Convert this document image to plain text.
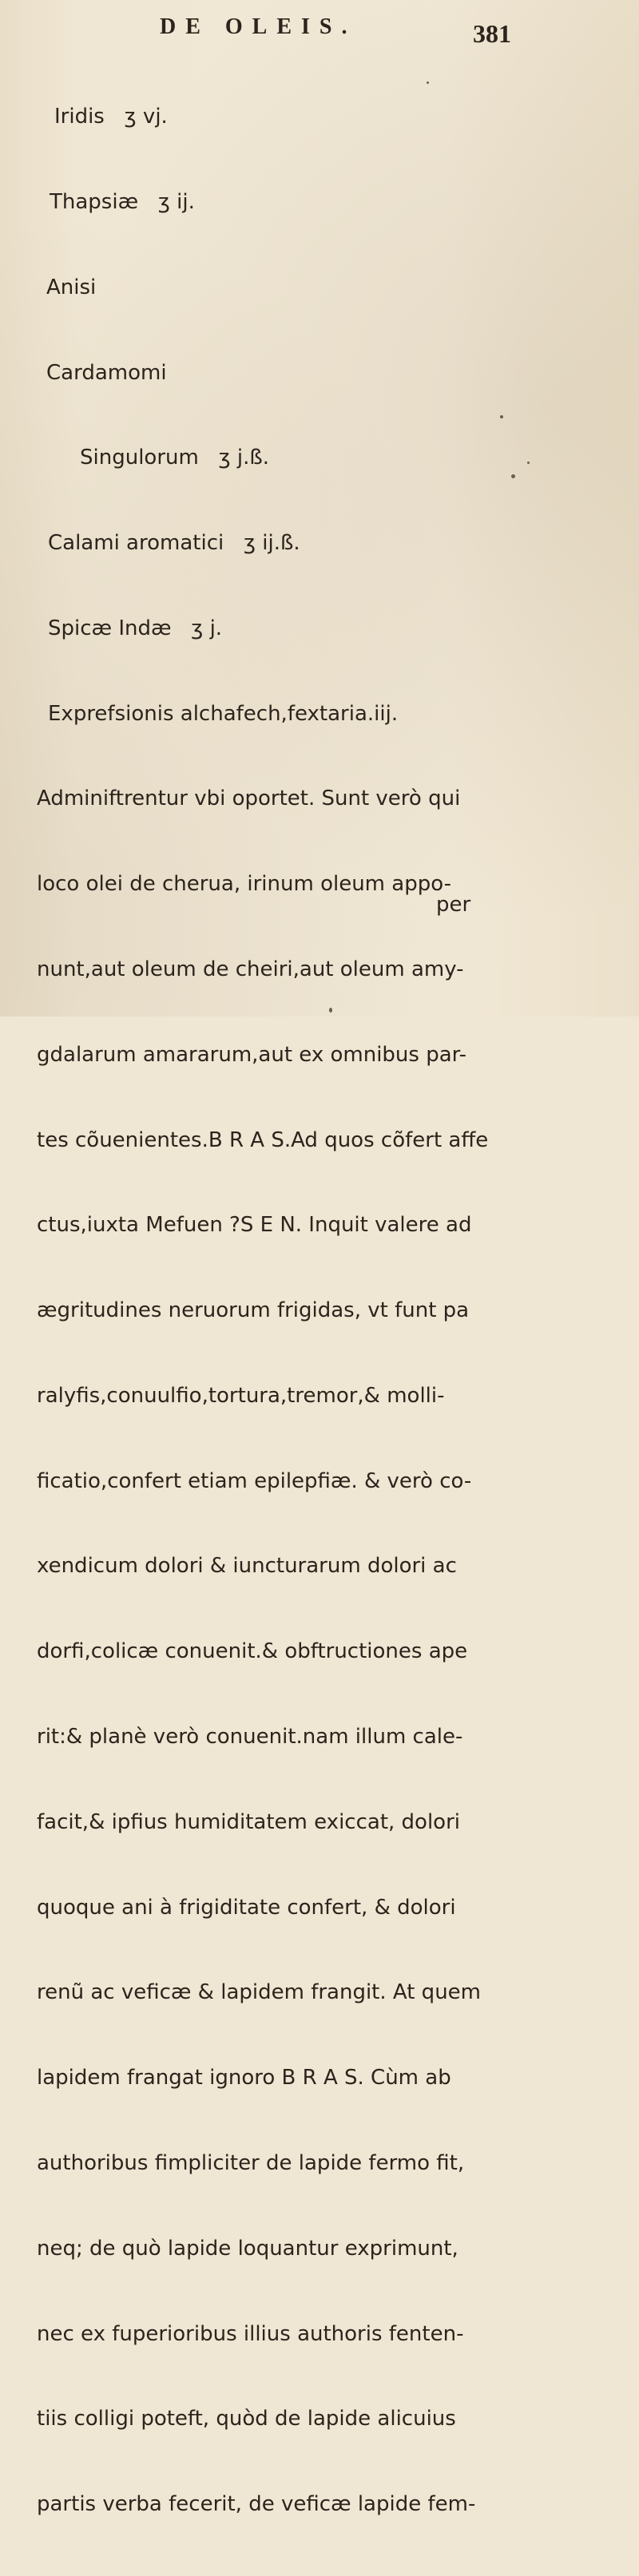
DE OLEIS.	381

Iridis   ʒ vj.

Thapsiæ   ʒ ij.

Anisi

Cardamomi

Singulorum   ʒ j.ß.

Calami aromatici   ʒ ij.ß.

Spicæ Indæ   ʒ j.

Exprefsionis alchafech,fextaria.iij.

Adminiftrentur vbi oportet. Sunt verò qui

loco olei de cherua, irinum oleum appo-

nunt,aut oleum de cheiri,aut oleum amy-

gdalarum amararum,aut ex omnibus par-

tes cõuenientes.B R A S.Ad quos cõfert affe

ctus,iuxta Mefuen ?S E N. Inquit valere ad

ægritudines neruorum frigidas, vt funt pa

ralyfis,conuulfio,tortura,tremor,& molli-

ficatio,confert etiam epilepfiæ. & verò co-

xendicum dolori & iuncturarum dolori ac

dorfi,colicæ conuenit.& obftructiones ape

rit:& planè verò conuenit.nam illum cale-

facit,& ipfius humiditatem exiccat, dolori

quoque ani à frigiditate confert, & dolori

renũ ac veficæ & lapidem frangit. At quem

lapidem frangat ignoro B R A S. Cùm ab

authoribus fimpliciter de lapide fermo fit,

neq; de quò lapide loquantur exprimunt,

nec ex fuperioribus illius authoris fenten-

tiis colligi poteft, quòd de lapide alicuius

partis verba fecerit, de veficæ lapide fem-

per
